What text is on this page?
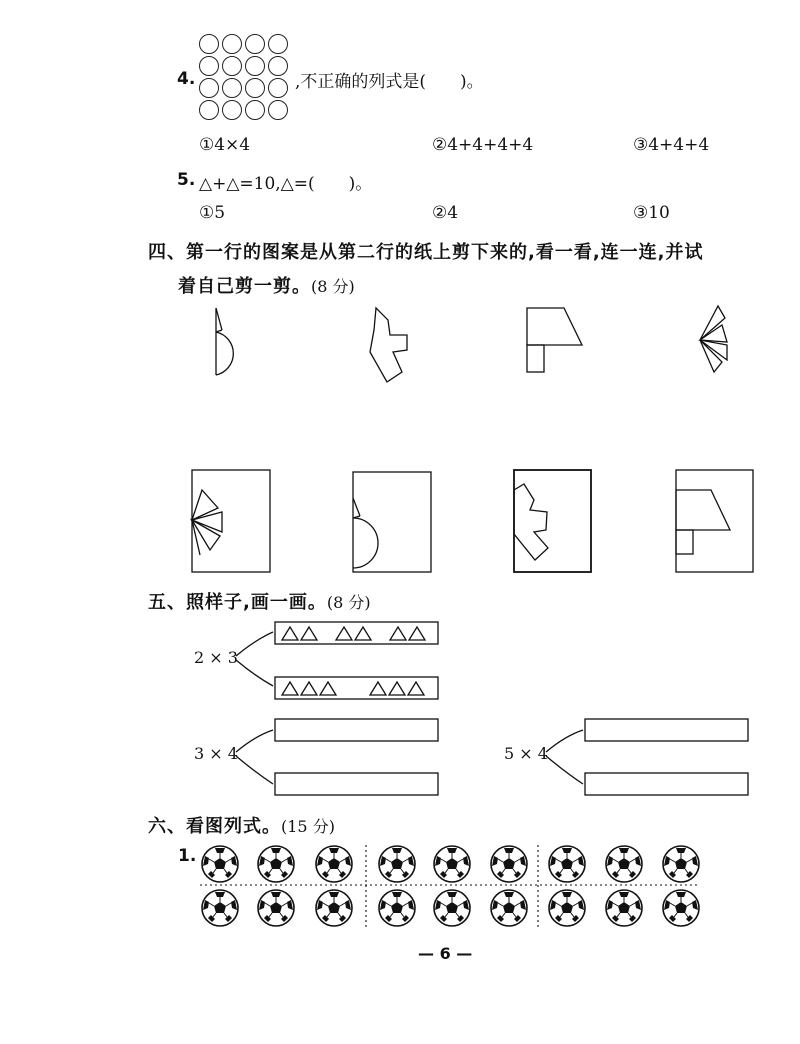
4.	,不正确的列式是(　　)。
①4×4	②4+4+4+4	③4+4+4
5. △+△=10,△=(　　)。
①5	②4	③10
四、第一行的图案是从第二行的纸上剪下来的,看一看,连一连,并试
着自己剪一剪。(8 分)
五、照样子,画一画。(8 分)
2 × 3
3 × 4	5 × 4
六、看图列式。(15 分)
1.
— 6 —
